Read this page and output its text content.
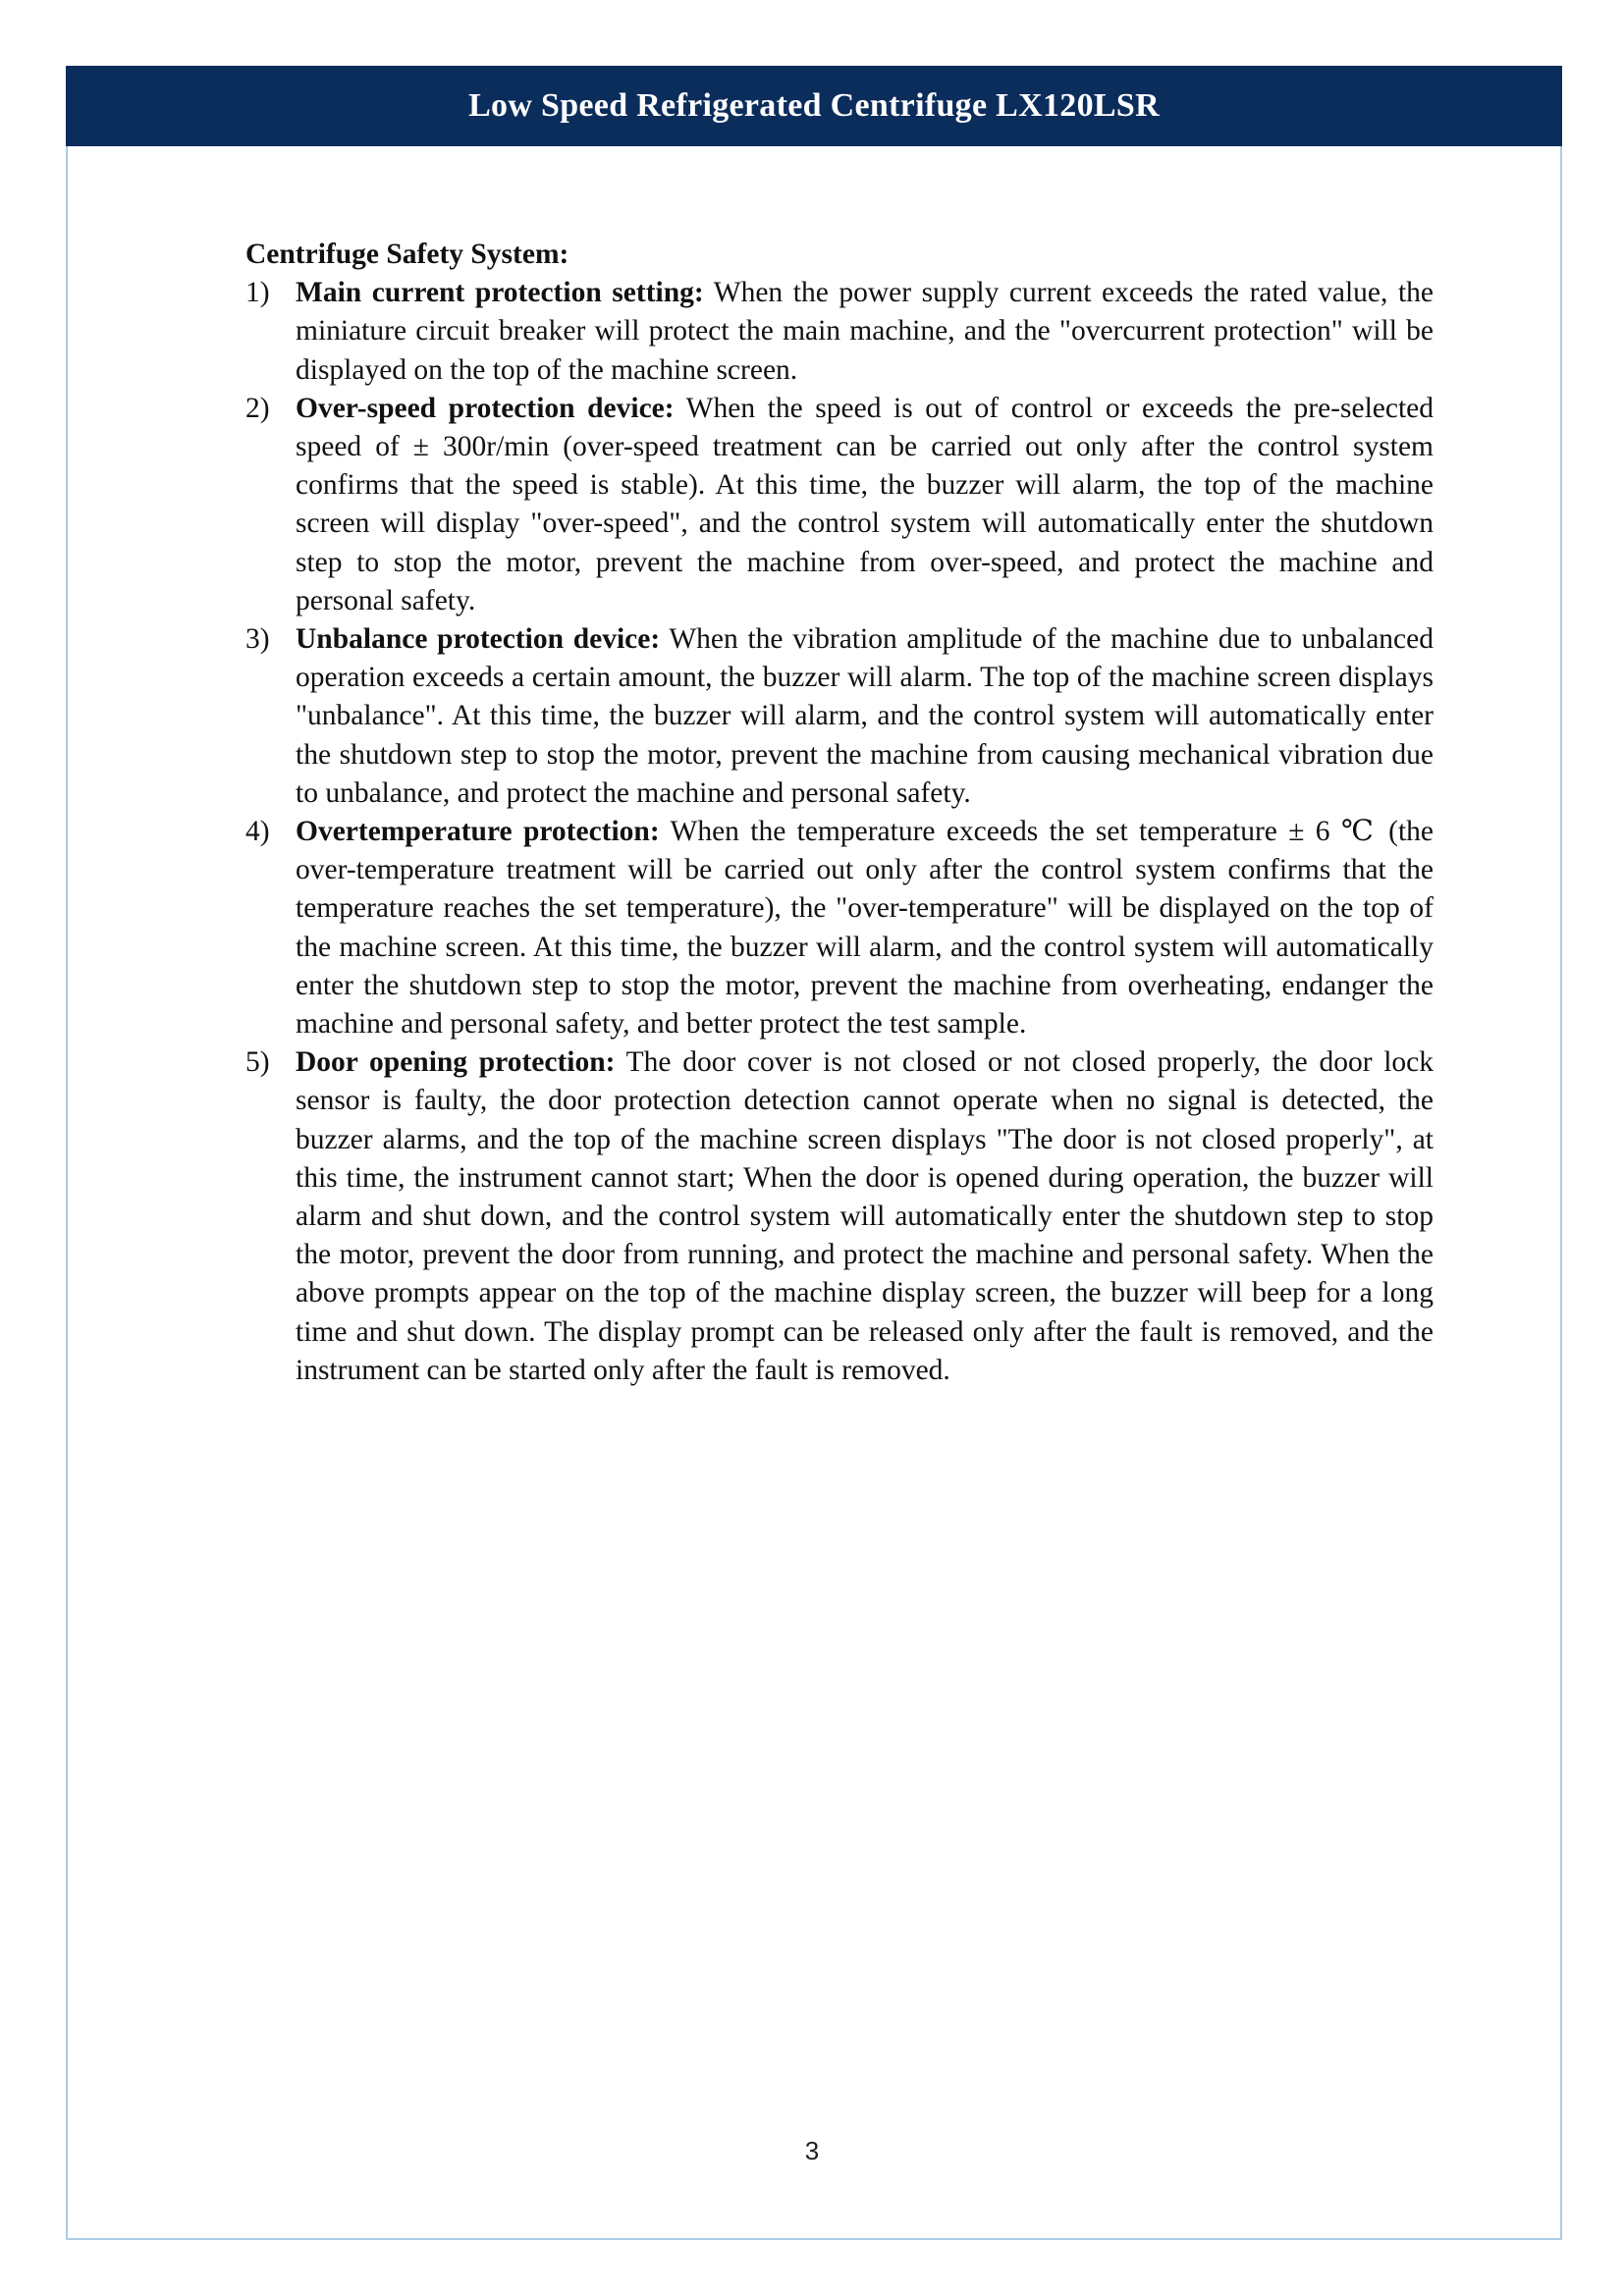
Low Speed Refrigerated Centrifuge LX120LSR

Centrifuge Safety System:

1) Main current protection setting: When the power supply current exceeds the rated value, the miniature circuit breaker will protect the main machine, and the "overcurrent protection" will be displayed on the top of the machine screen.
2) Over-speed protection device: When the speed is out of control or exceeds the pre-selected speed of ± 300r/min (over-speed treatment can be carried out only after the control system confirms that the speed is stable). At this time, the buzzer will alarm, the top of the machine screen will display "over-speed", and the control system will automatically enter the shutdown step to stop the motor, prevent the machine from over-speed, and protect the machine and personal safety.
3) Unbalance protection device: When the vibration amplitude of the machine due to unbalanced operation exceeds a certain amount, the buzzer will alarm. The top of the machine screen displays "unbalance". At this time, the buzzer will alarm, and the control system will automatically enter the shutdown step to stop the motor, prevent the machine from causing mechanical vibration due to unbalance, and protect the machine and personal safety.
4) Overtemperature protection: When the temperature exceeds the set temperature ± 6 ℃ (the over-temperature treatment will be carried out only after the control system confirms that the temperature reaches the set temperature), the "over-temperature" will be displayed on the top of the machine screen. At this time, the buzzer will alarm, and the control system will automatically enter the shutdown step to stop the motor, prevent the machine from overheating, endanger the machine and personal safety, and better protect the test sample.
5) Door opening protection: The door cover is not closed or not closed properly, the door lock sensor is faulty, the door protection detection cannot operate when no signal is detected, the buzzer alarms, and the top of the machine screen displays "The door is not closed properly", at this time, the instrument cannot start; When the door is opened during operation, the buzzer will alarm and shut down, and the control system will automatically enter the shutdown step to stop the motor, prevent the door from running, and protect the machine and personal safety. When the above prompts appear on the top of the machine display screen, the buzzer will beep for a long time and shut down. The display prompt can be released only after the fault is removed, and the instrument can be started only after the fault is removed.
3
